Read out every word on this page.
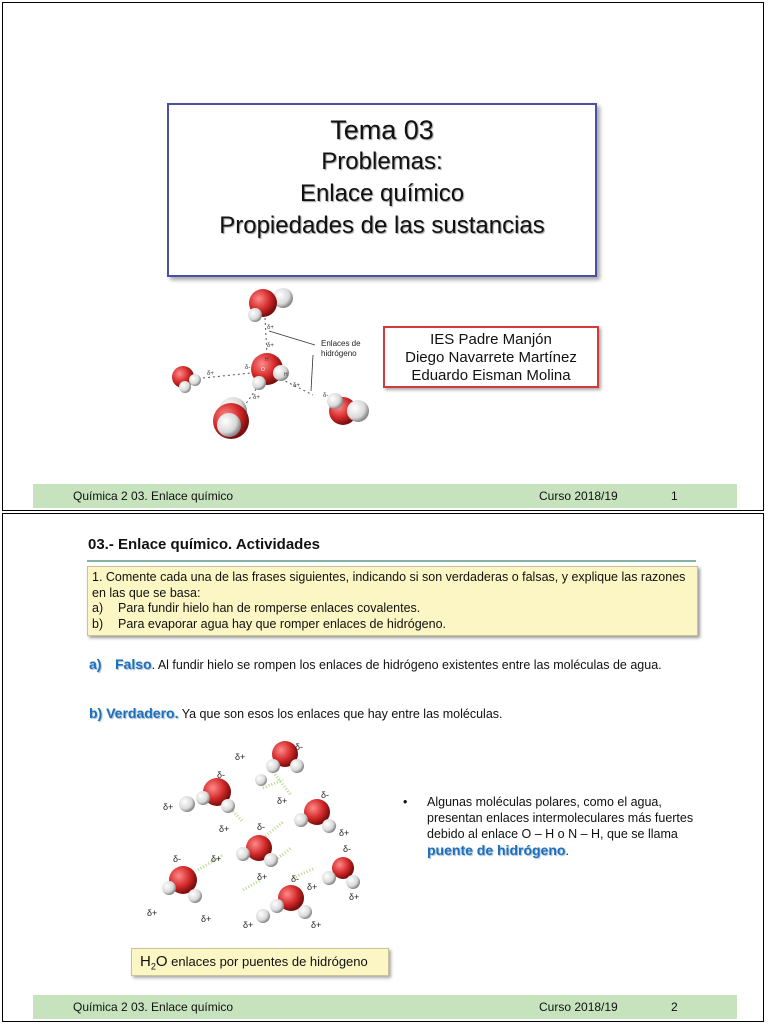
Tema 03
Problemas:
Enlace químico
Propiedades de las sustancias
δ+
δ+
δ+
δ-
δ+
δ+
δ-
H
O
H
Enlaces de
hidrógeno
IES Padre Manjón
Diego Navarrete Martínez
Eduardo Eisman Molina
Química 2 03. Enlace químico	Curso 2018/19	1
03.- Enlace químico. Actividades
1. Comente cada una de las frases siguientes, indicando si son verdaderas o falsas, y explique las razones en las que se basa:
a)	Para fundir hielo han de romperse enlaces covalentes.
b)	Para evaporar agua hay que romper enlaces de hidrógeno.
a) Falso. Al fundir hielo se rompen los enlaces de hidrógeno existentes entre las moléculas de agua.
b) Verdadero. Ya que son esos los enlaces que hay entre las moléculas.
δ+
δ-
δ-
δ+
δ+
δ+
δ-
δ+
δ-
δ+
δ-
δ+
δ+
δ+	δ-
δ+
δ-
δ+
δ+	δ+
•	Algunas moléculas polares, como el agua, presentan enlaces intermoleculares más fuertes debido al enlace O – H o N – H, que se llama puente de hidrógeno.
$H_2O$ enlaces por puentes de hidrógeno
Química 2 03. Enlace químico	Curso 2018/19	2
